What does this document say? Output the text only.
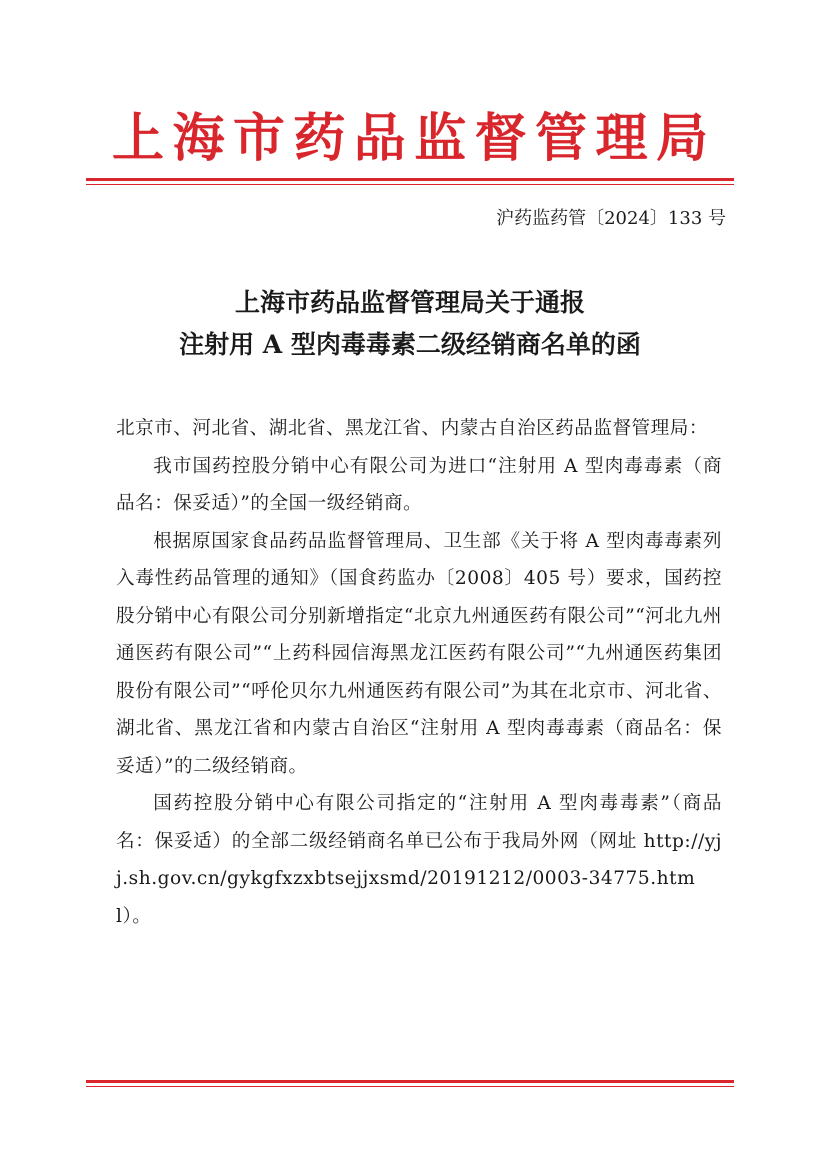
上海市药品监督管理局
沪药监药管〔2024〕133 号
上海市药品监督管理局关于通报
注射用 A 型肉毒毒素二级经销商名单的函

北京市、河北省、湖北省、黑龙江省、内蒙古自治区药品监督管理局：

我市国药控股分销中心有限公司为进口“注射用 A 型肉毒毒素（商品名：保妥适）”的全国一级经销商。

根据原国家食品药品监督管理局、卫生部《关于将 A 型肉毒毒素列入毒性药品管理的通知》（国食药监办〔2008〕405 号）要求，国药控股分销中心有限公司分别新增指定“北京九州通医药有限公司”“河北九州通医药有限公司”“上药科园信海黑龙江医药有限公司”“九州通医药集团股份有限公司”“呼伦贝尔九州通医药有限公司”为其在北京市、河北省、湖北省、黑龙江省和内蒙古自治区“注射用 A 型肉毒毒素（商品名：保妥适）”的二级经销商。

国药控股分销中心有限公司指定的“注射用 A 型肉毒毒素”（商品名：保妥适）的全部二级经销商名单已公布于我局外网（网址 http://yjj.sh.gov.cn/gykgfxzxbtsejjxsmd/20191212/0003-34775.html）。
